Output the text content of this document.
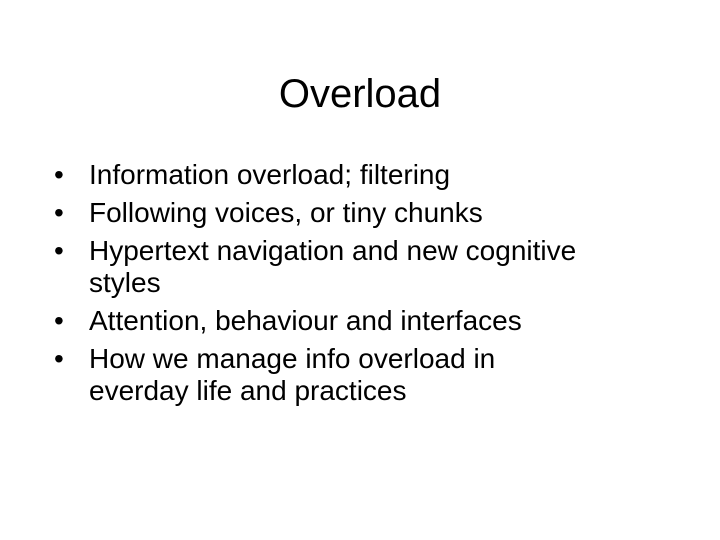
Overload
• Information overload; filtering
• Following voices, or tiny chunks
• Hypertext navigation and new cognitive styles
• Attention, behaviour and interfaces
• How we manage info overload in everday life and practices
